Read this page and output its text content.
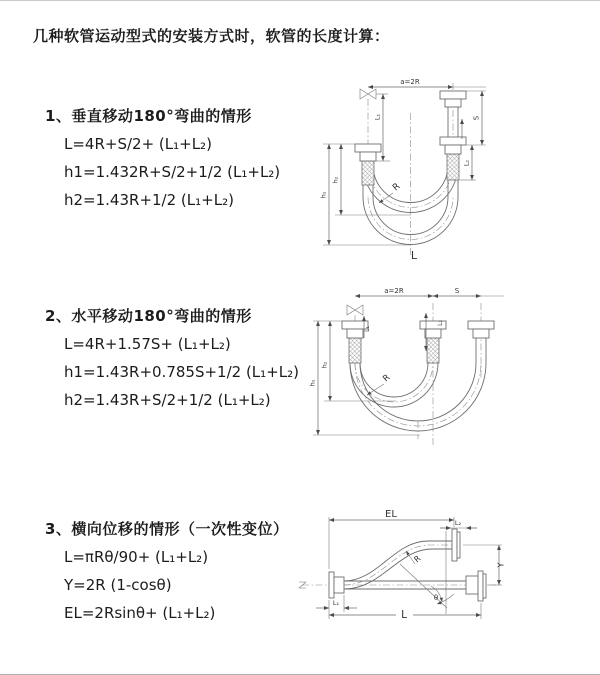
几种软管运动型式的安装方式时，软管的长度计算：
1、垂直移动180°弯曲的情形
L=4R+S/2+ (L₁+L₂)
h1=1.432R+S/2+1/2 (L₁+L₂)
h2=1.43R+1/2 (L₁+L₂)
2、水平移动180°弯曲的情形
L=4R+1.57S+ (L₁+L₂)
h1=1.43R+0.785S+1/2 (L₁+L₂)
h2=1.43R+S/2+1/2 (L₁+L₂)
3、横向位移的情形（一次性变位）
L=πRθ/90+ (L₁+L₂)
Y=2R (1-cosθ)
EL=2Rsinθ+ (L₁+L₂)
a=2R
S
L₂
L₁
h₁
h₂
R
L
a=2R	S
L₁
L₂
h₁
h₂
R
EL
L₂
Y
θ
R
L
L₁
